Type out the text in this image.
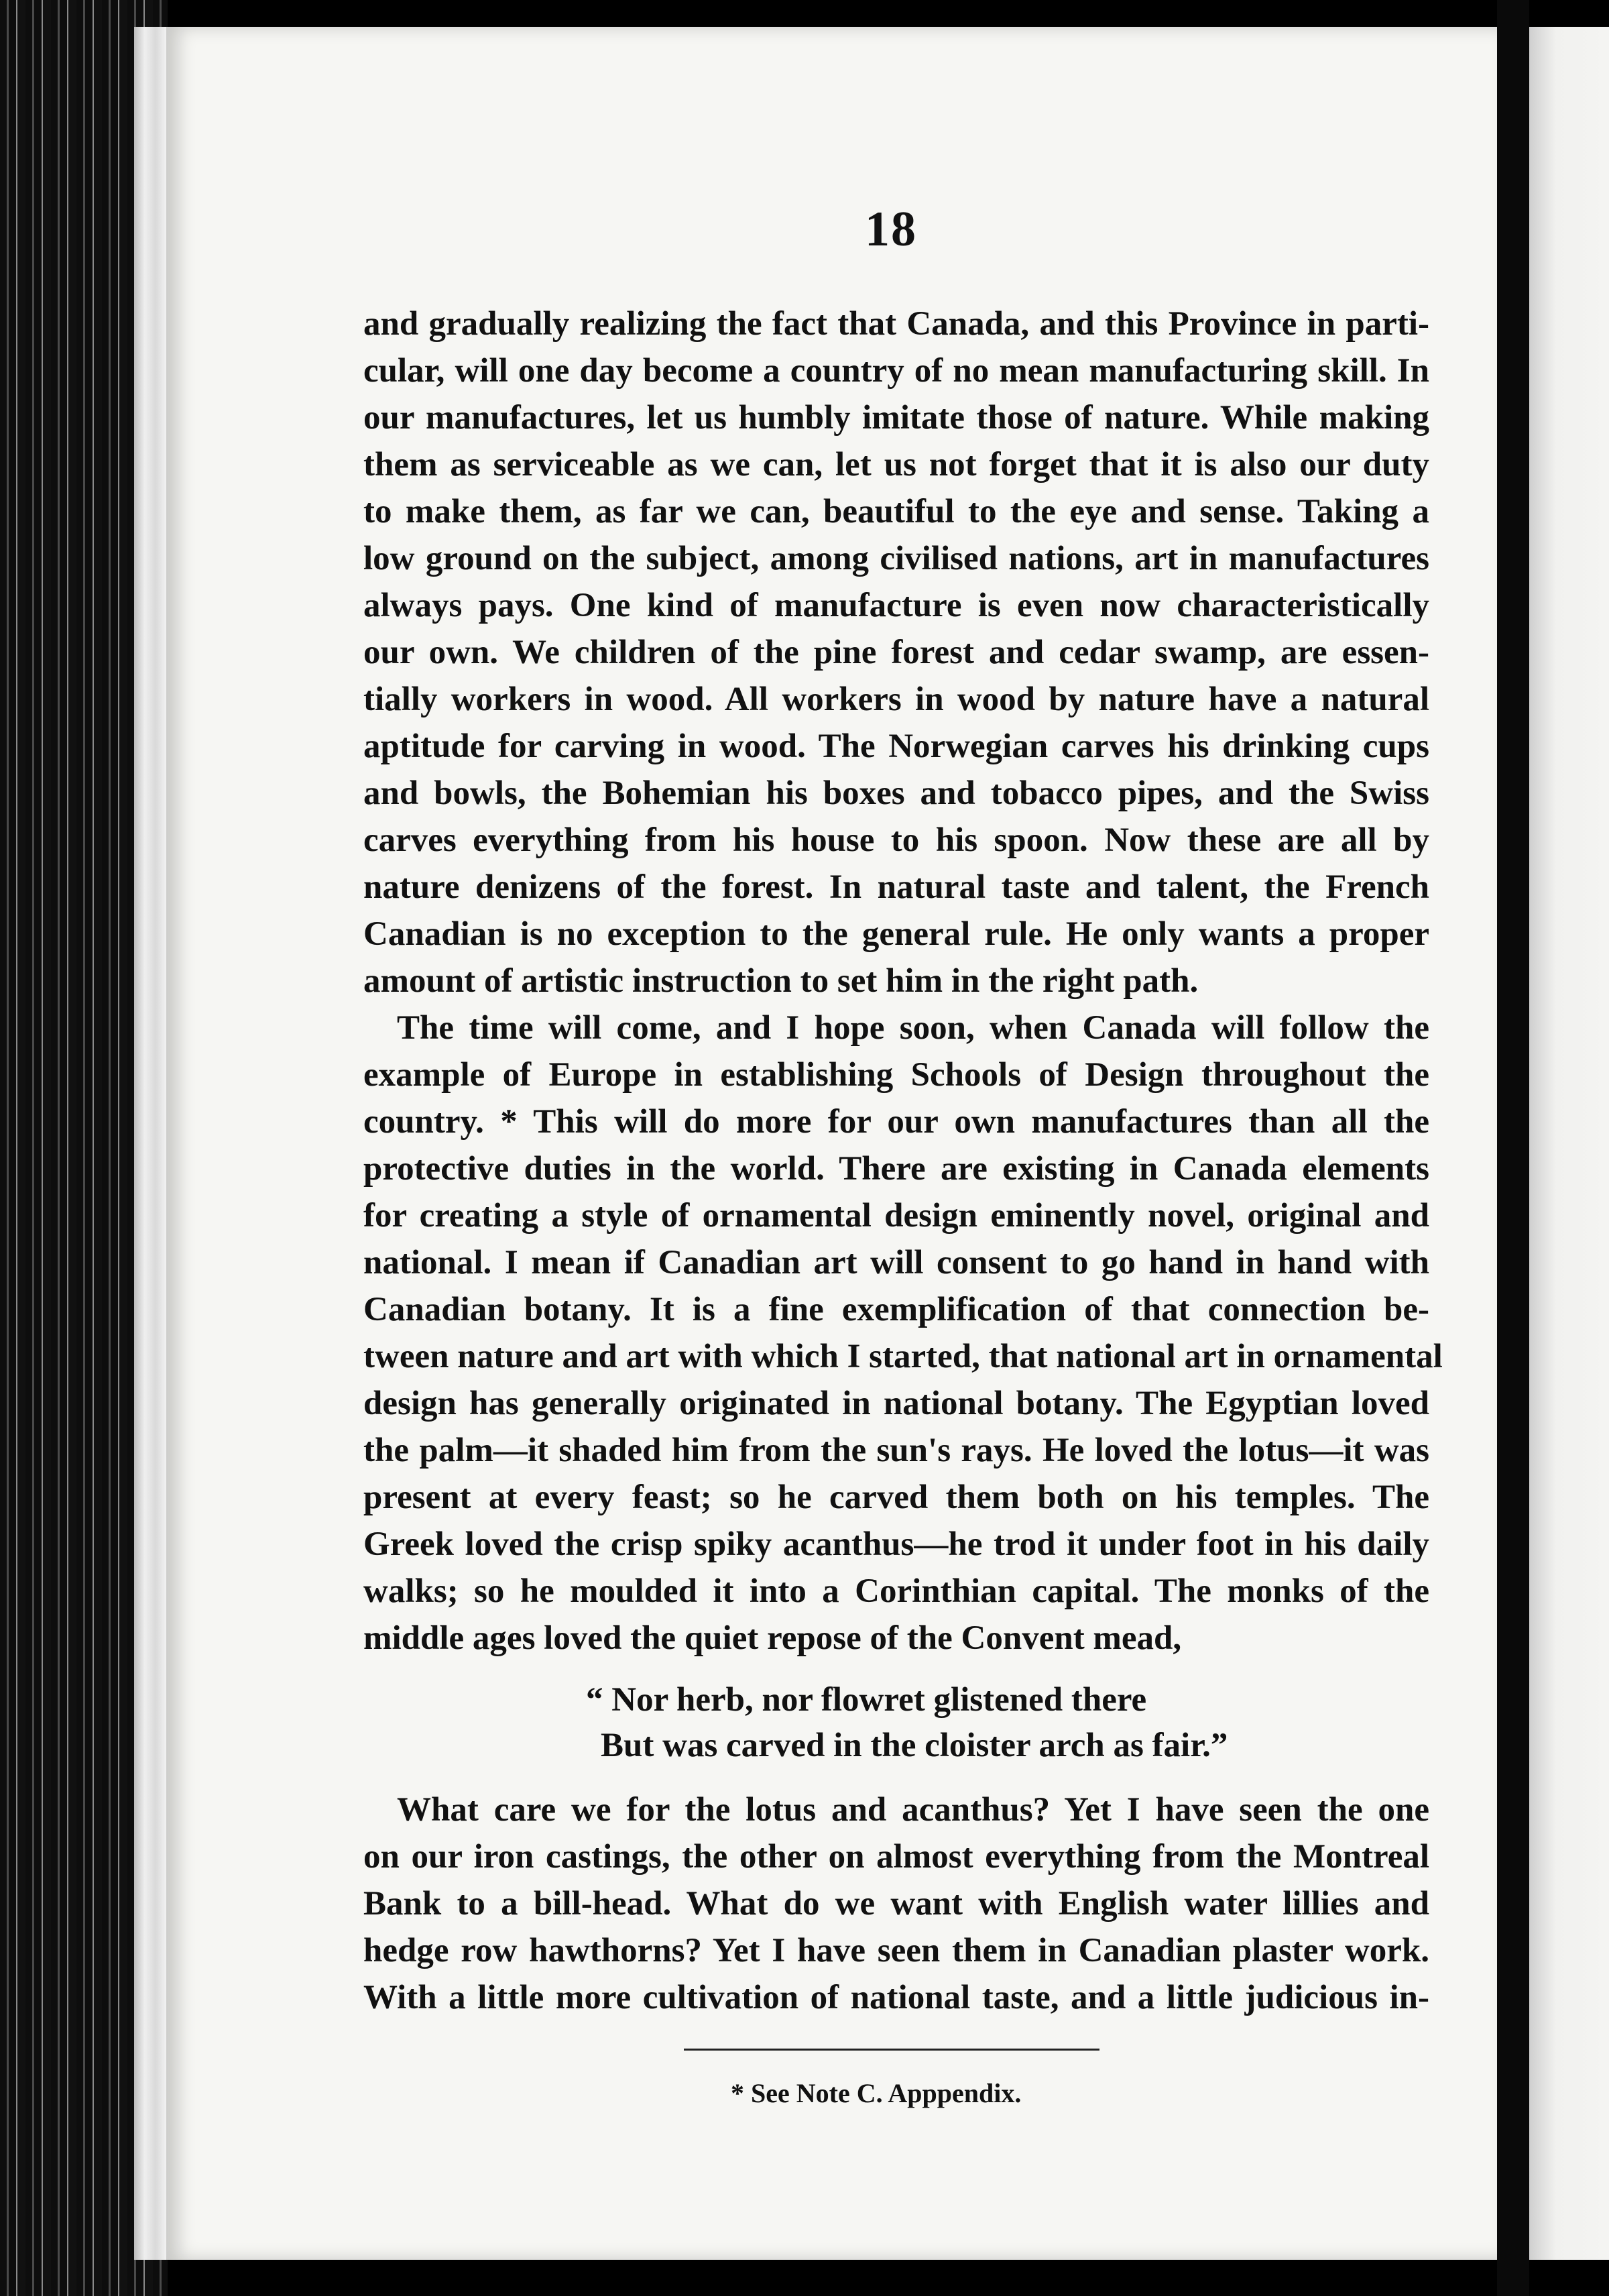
18
and gradually realizing the fact that Canada, and this Province in parti-
cular, will one day become a country of no mean manufacturing skill. In
our manufactures, let us humbly imitate those of nature. While making
them as serviceable as we can, let us not forget that it is also our duty
to make them, as far we can, beautiful to the eye and sense. Taking a
low ground on the subject, among civilised nations, art in manufactures
always pays. One kind of manufacture is even now characteristically
our own. We children of the pine forest and cedar swamp, are essen-
tially workers in wood. All workers in wood by nature have a natural
aptitude for carving in wood. The Norwegian carves his drinking cups
and bowls, the Bohemian his boxes and tobacco pipes, and the Swiss
carves everything from his house to his spoon. Now these are all by
nature denizens of the forest. In natural taste and talent, the French
Canadian is no exception to the general rule. He only wants a proper
amount of artistic instruction to set him in the right path.
The time will come, and I hope soon, when Canada will follow the
example of Europe in establishing Schools of Design throughout the
country. * This will do more for our own manufactures than all the
protective duties in the world. There are existing in Canada elements
for creating a style of ornamental design eminently novel, original and
national. I mean if Canadian art will consent to go hand in hand with
Canadian botany. It is a fine exemplification of that connection be-
tween nature and art with which I started, that national art in ornamental
design has generally originated in national botany. The Egyptian loved
the palm—it shaded him from the sun's rays. He loved the lotus—it was
present at every feast; so he carved them both on his temples. The
Greek loved the crisp spiky acanthus—he trod it under foot in his daily
walks; so he moulded it into a Corinthian capital. The monks of the
middle ages loved the quiet repose of the Convent mead,
“ Nor herb, nor flowret glistened there
But was carved in the cloister arch as fair.”
What care we for the lotus and acanthus? Yet I have seen the one
on our iron castings, the other on almost everything from the Montreal
Bank to a bill-head. What do we want with English water lillies and
hedge row hawthorns? Yet I have seen them in Canadian plaster work.
With a little more cultivation of national taste, and a little judicious in-
* See Note C. Apppendix.
